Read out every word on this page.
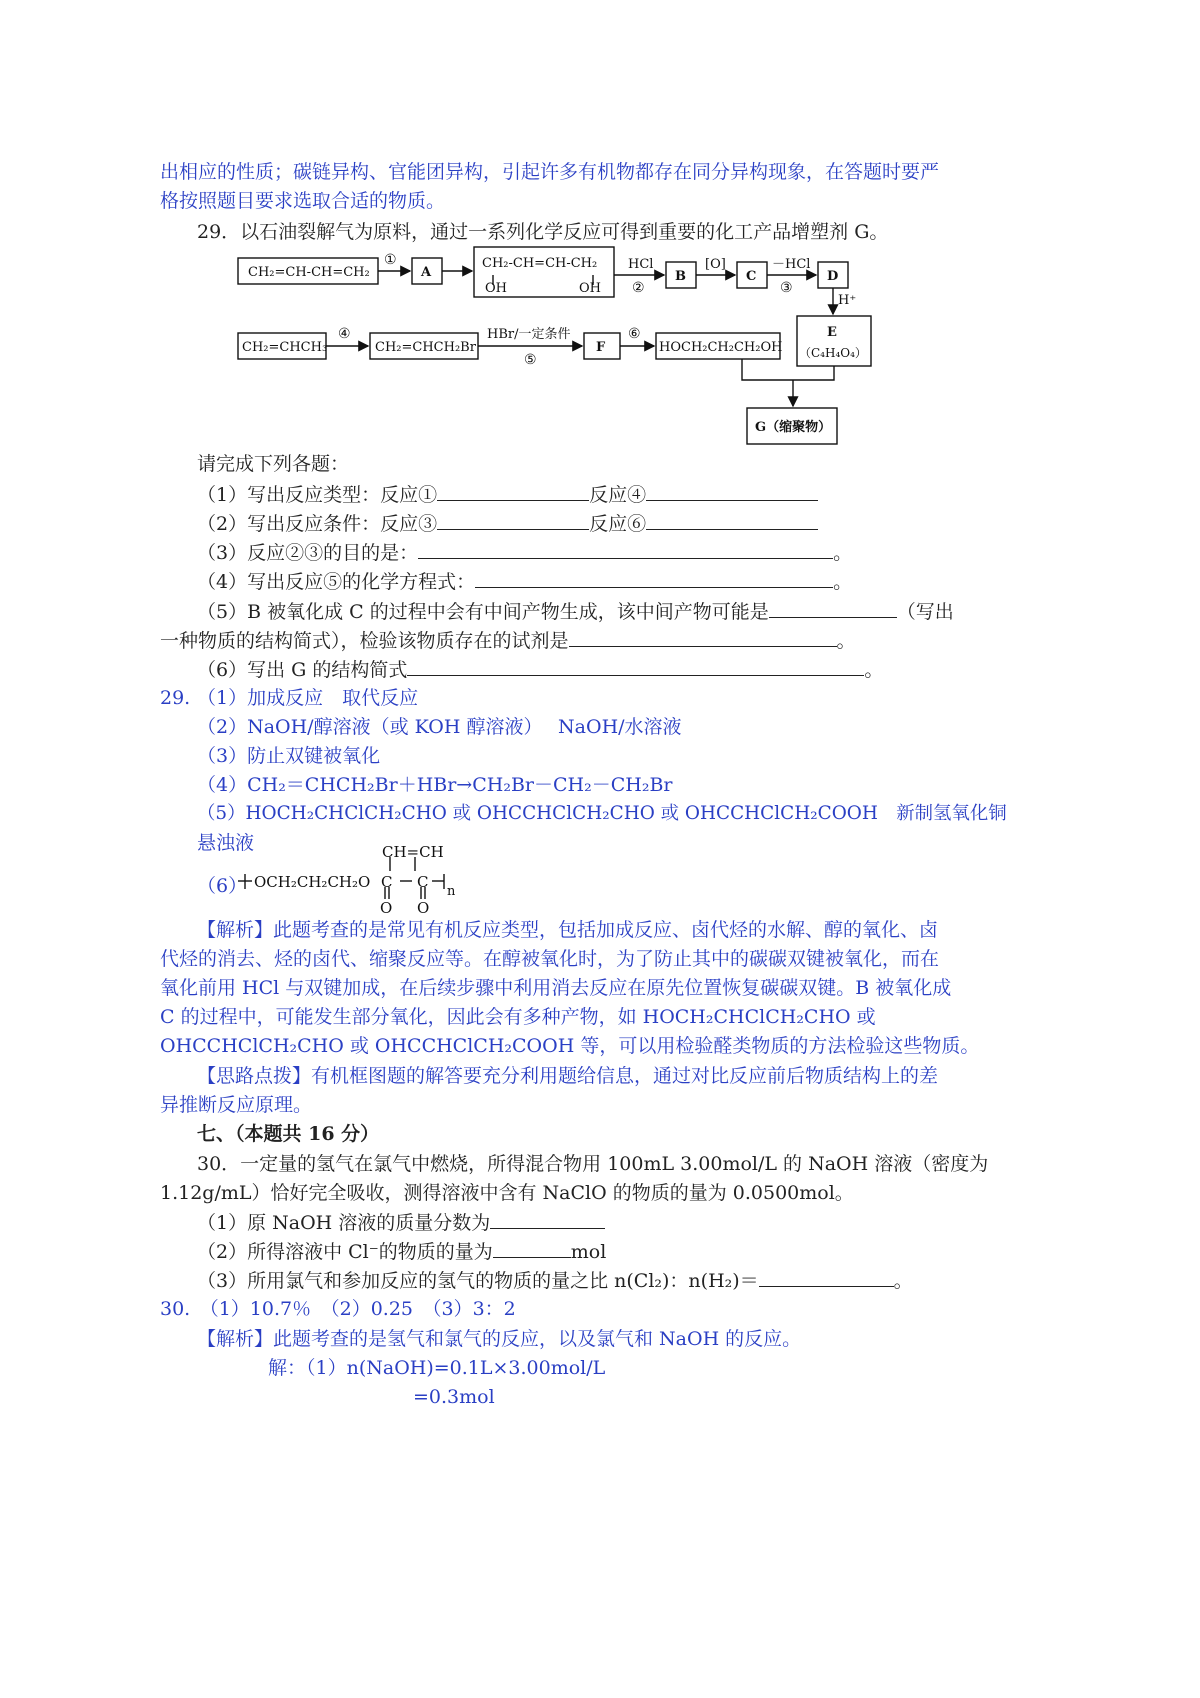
出相应的性质；碳链异构、官能团异构，引起许多有机物都存在同分异构现象，在答题时要严
格按照题目要求选取合适的物质。
29．以石油裂解气为原料，通过一系列化学反应可得到重要的化工产品增塑剂 G。
CH₂=CH-CH=CH₂
①
A
CH₂-CH=CH-CH₂
OH	OH
HCl
②
B
[O]
C
－HCl
③
D
H⁺
E
（C₄H₄O₄）
CH₂=CHCH₃
④
CH₂=CHCH₂Br
HBr/一定条件
⑤
F
⑥
HOCH₂CH₂CH₂OH
G（缩聚物）
请完成下列各题：
（1）写出反应类型：反应①	反应④
（2）写出反应条件：反应③	反应⑥
（3）反应②③的目的是：	。
（4）写出反应⑤的化学方程式：	。
（5）B 被氧化成 C 的过程中会有中间产物生成，该中间产物可能是	（写出
一种物质的结构简式），检验该物质存在的试剂是	。
（6）写出 G 的结构简式	。
29. （1）加成反应　取代反应
（2）NaOH/醇溶液（或 KOH 醇溶液）　 NaOH/水溶液
（3）防止双键被氧化
（4）CH₂＝CHCH₂Br＋HBr→CH₂Br－CH₂－CH₂Br
（5）HOCH₂CHClCH₂CHO 或 OHCCHClCH₂CHO 或 OHCCHClCH₂COOH　新制氢氧化铜
悬浊液
（6） OCH₂CH₂CH₂O C C
O O
CH=CH
n
【解析】此题考查的是常见有机反应类型，包括加成反应、卤代烃的水解、醇的氧化、卤
代烃的消去、烃的卤代、缩聚反应等。在醇被氧化时，为了防止其中的碳碳双键被氧化，而在
氧化前用 HCl 与双键加成，在后续步骤中利用消去反应在原先位置恢复碳碳双键。B 被氧化成
C 的过程中，可能发生部分氧化，因此会有多种产物，如 HOCH₂CHClCH₂CHO 或
OHCCHClCH₂CHO 或 OHCCHClCH₂COOH 等，可以用检验醛类物质的方法检验这些物质。
【思路点拨】有机框图题的解答要充分利用题给信息，通过对比反应前后物质结构上的差
异推断反应原理。
七、（本题共 16 分）
30．一定量的氢气在氯气中燃烧，所得混合物用 100mL 3.00mol/L 的 NaOH 溶液（密度为
1.12g/mL）恰好完全吸收，测得溶液中含有 NaClO 的物质的量为 0.0500mol。
（1）原 NaOH 溶液的质量分数为
（2）所得溶液中 Cl⁻的物质的量为	mol
（3）所用氯气和参加反应的氢气的物质的量之比 n(Cl₂)：n(H₂)＝	。
30.　（1）10.7％　（2）0.25　（3）3：2
【解析】此题考查的是氢气和氯气的反应，以及氯气和 NaOH 的反应。
解：（1）n(NaOH)=0.1L×3.00mol/L
=0.3mol
